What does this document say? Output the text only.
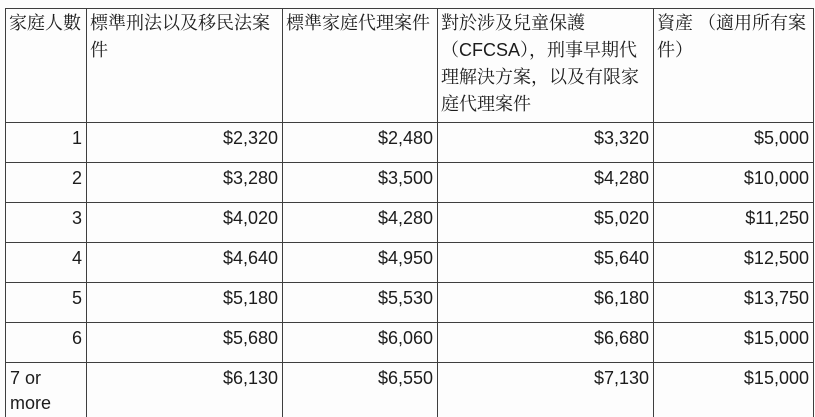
家庭人數	標準刑法以及移民法案件	標準家庭代理案件	對於涉及兒童保護（CFCSA），刑事早期代理解決方案，以及有限家庭代理案件	資產 （適用所有案件）
1	$2,320	$2,480	$3,320	$5,000
2	$3,280	$3,500	$4,280	$10,000
3	$4,020	$4,280	$5,020	$11,250
4	$4,640	$4,950	$5,640	$12,500
5	$5,180	$5,530	$6,180	$13,750
6	$5,680	$6,060	$6,680	$15,000
7 or more	$6,130	$6,550	$7,130	$15,000
